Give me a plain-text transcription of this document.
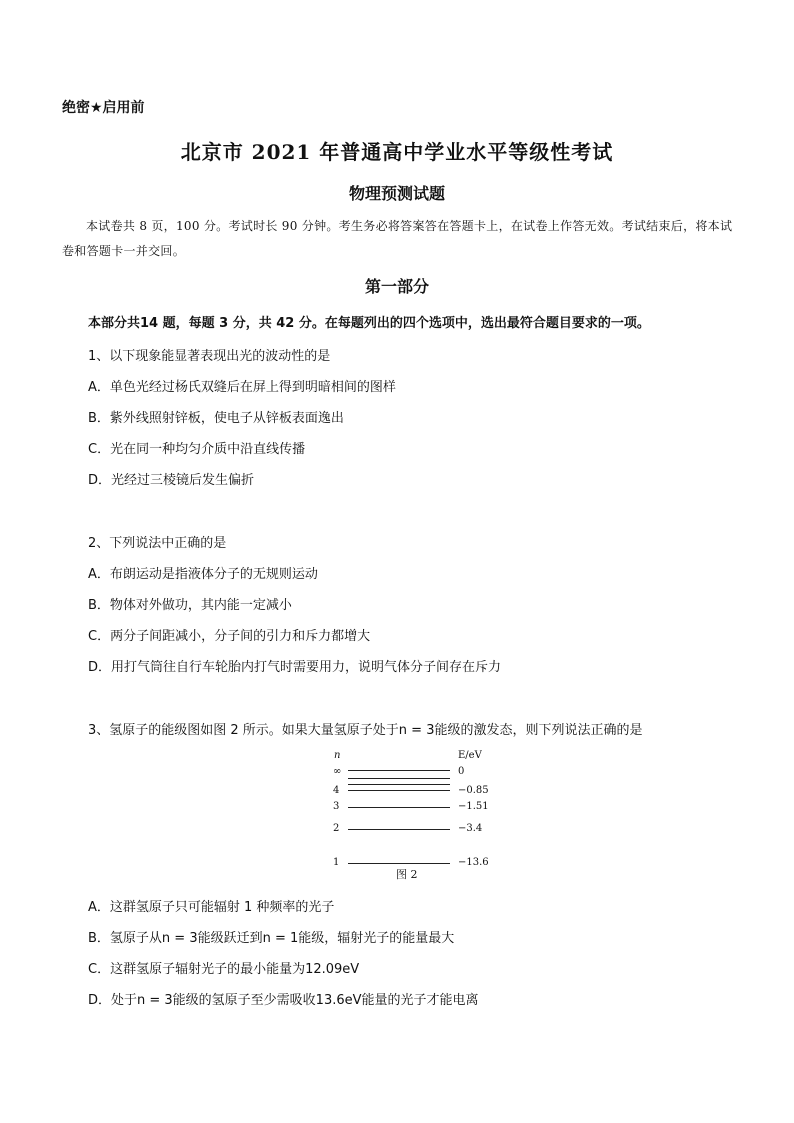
绝密★启用前
北京市 2021 年普通高中学业水平等级性考试
物理预测试题
本试卷共 8 页，100 分。考试时长 90 分钟。考生务必将答案答在答题卡上，在试卷上作答无效。考试结束后，将本试卷和答题卡一并交回。
第一部分
本部分共14 题，每题 3 分，共 42 分。在每题列出的四个选项中，选出最符合题目要求的一项。
1、以下现象能显著表现出光的波动性的是
A．单色光经过杨氏双缝后在屏上得到明暗相间的图样
B．紫外线照射锌板，使电子从锌板表面逸出
C．光在同一种均匀介质中沿直线传播
D．光经过三棱镜后发生偏折
2、下列说法中正确的是
A．布朗运动是指液体分子的无规则运动
B．物体对外做功，其内能一定减小
C．两分子间距减小，分子间的引力和斥力都增大
D．用打气筒往自行车轮胎内打气时需要用力，说明气体分子间存在斥力
3、氢原子的能级图如图 2 所示。如果大量氢原子处于n = 3能级的激发态，则下列说法正确的是
n	E/eV
∞	0
4	−0.85
3	−1.51
2	−3.4
1	−13.6
图 2
A．这群氢原子只可能辐射 1 种频率的光子
B．氢原子从n = 3能级跃迁到n = 1能级，辐射光子的能量最大
C．这群氢原子辐射光子的最小能量为12.09eV
D．处于n = 3能级的氢原子至少需吸收13.6eV能量的光子才能电离
